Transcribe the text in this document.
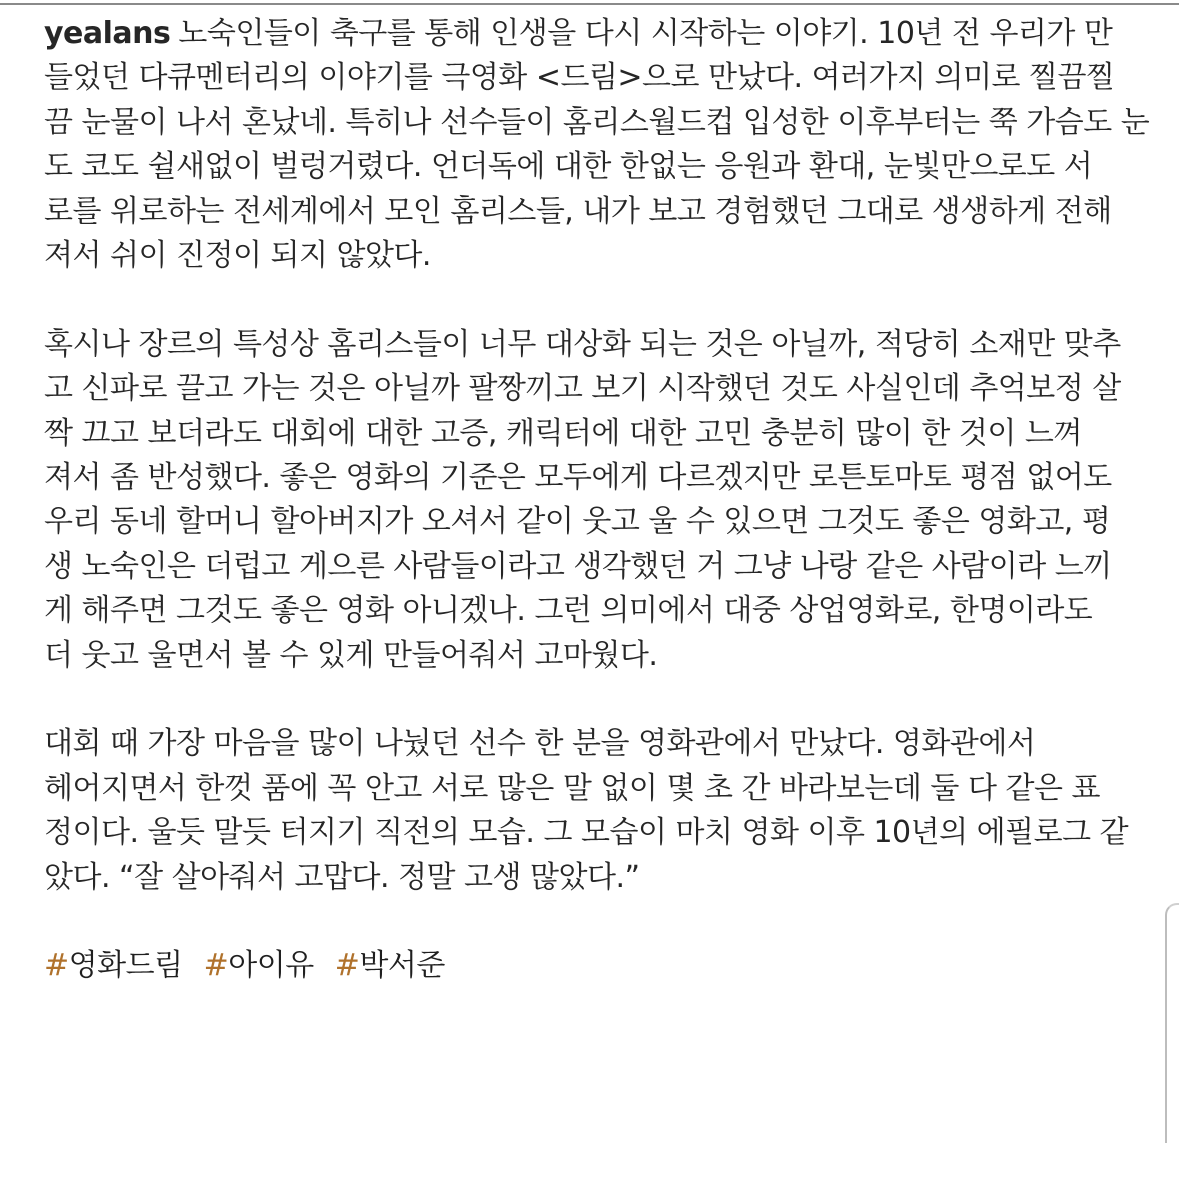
yealans 노숙인들이 축구를 통해 인생을 다시 시작하는 이야기. 10년 전 우리가 만
들었던 다큐멘터리의 이야기를 극영화 <드림>으로 만났다. 여러가지 의미로 찔끔찔
끔 눈물이 나서 혼났네. 특히나 선수들이 홈리스월드컵 입성한 이후부터는 쭉 가슴도 눈
도 코도 쉴새없이 벌렁거렸다. 언더독에 대한 한없는 응원과 환대, 눈빛만으로도 서
로를 위로하는 전세계에서 모인 홈리스들, 내가 보고 경험했던 그대로 생생하게 전해
져서 쉬이 진정이 되지 않았다.
혹시나 장르의 특성상 홈리스들이 너무 대상화 되는 것은 아닐까, 적당히 소재만 맞추
고 신파로 끌고 가는 것은 아닐까 팔짱끼고 보기 시작했던 것도 사실인데 추억보정 살
짝 끄고 보더라도 대회에 대한 고증, 캐릭터에 대한 고민 충분히 많이 한 것이 느껴
져서 좀 반성했다. 좋은 영화의 기준은 모두에게 다르겠지만 로튼토마토 평점 없어도
우리 동네 할머니 할아버지가 오셔서 같이 웃고 울 수 있으면 그것도 좋은 영화고, 평
생 노숙인은 더럽고 게으른 사람들이라고 생각했던 거 그냥 나랑 같은 사람이라 느끼
게 해주면 그것도 좋은 영화 아니겠나. 그런 의미에서 대중 상업영화로, 한명이라도
더 웃고 울면서 볼 수 있게 만들어줘서 고마웠다.
대회 때 가장 마음을 많이 나눴던 선수 한 분을 영화관에서 만났다. 영화관에서
헤어지면서 한껏 품에 꼭 안고 서로 많은 말 없이 몇 초 간 바라보는데 둘 다 같은 표
정이다. 울듯 말듯 터지기 직전의 모습. 그 모습이 마치 영화 이후 10년의 에필로그 같
았다. “잘 살아줘서 고맙다. 정말 고생 많았다.”
#영화드림 #아이유 #박서준
